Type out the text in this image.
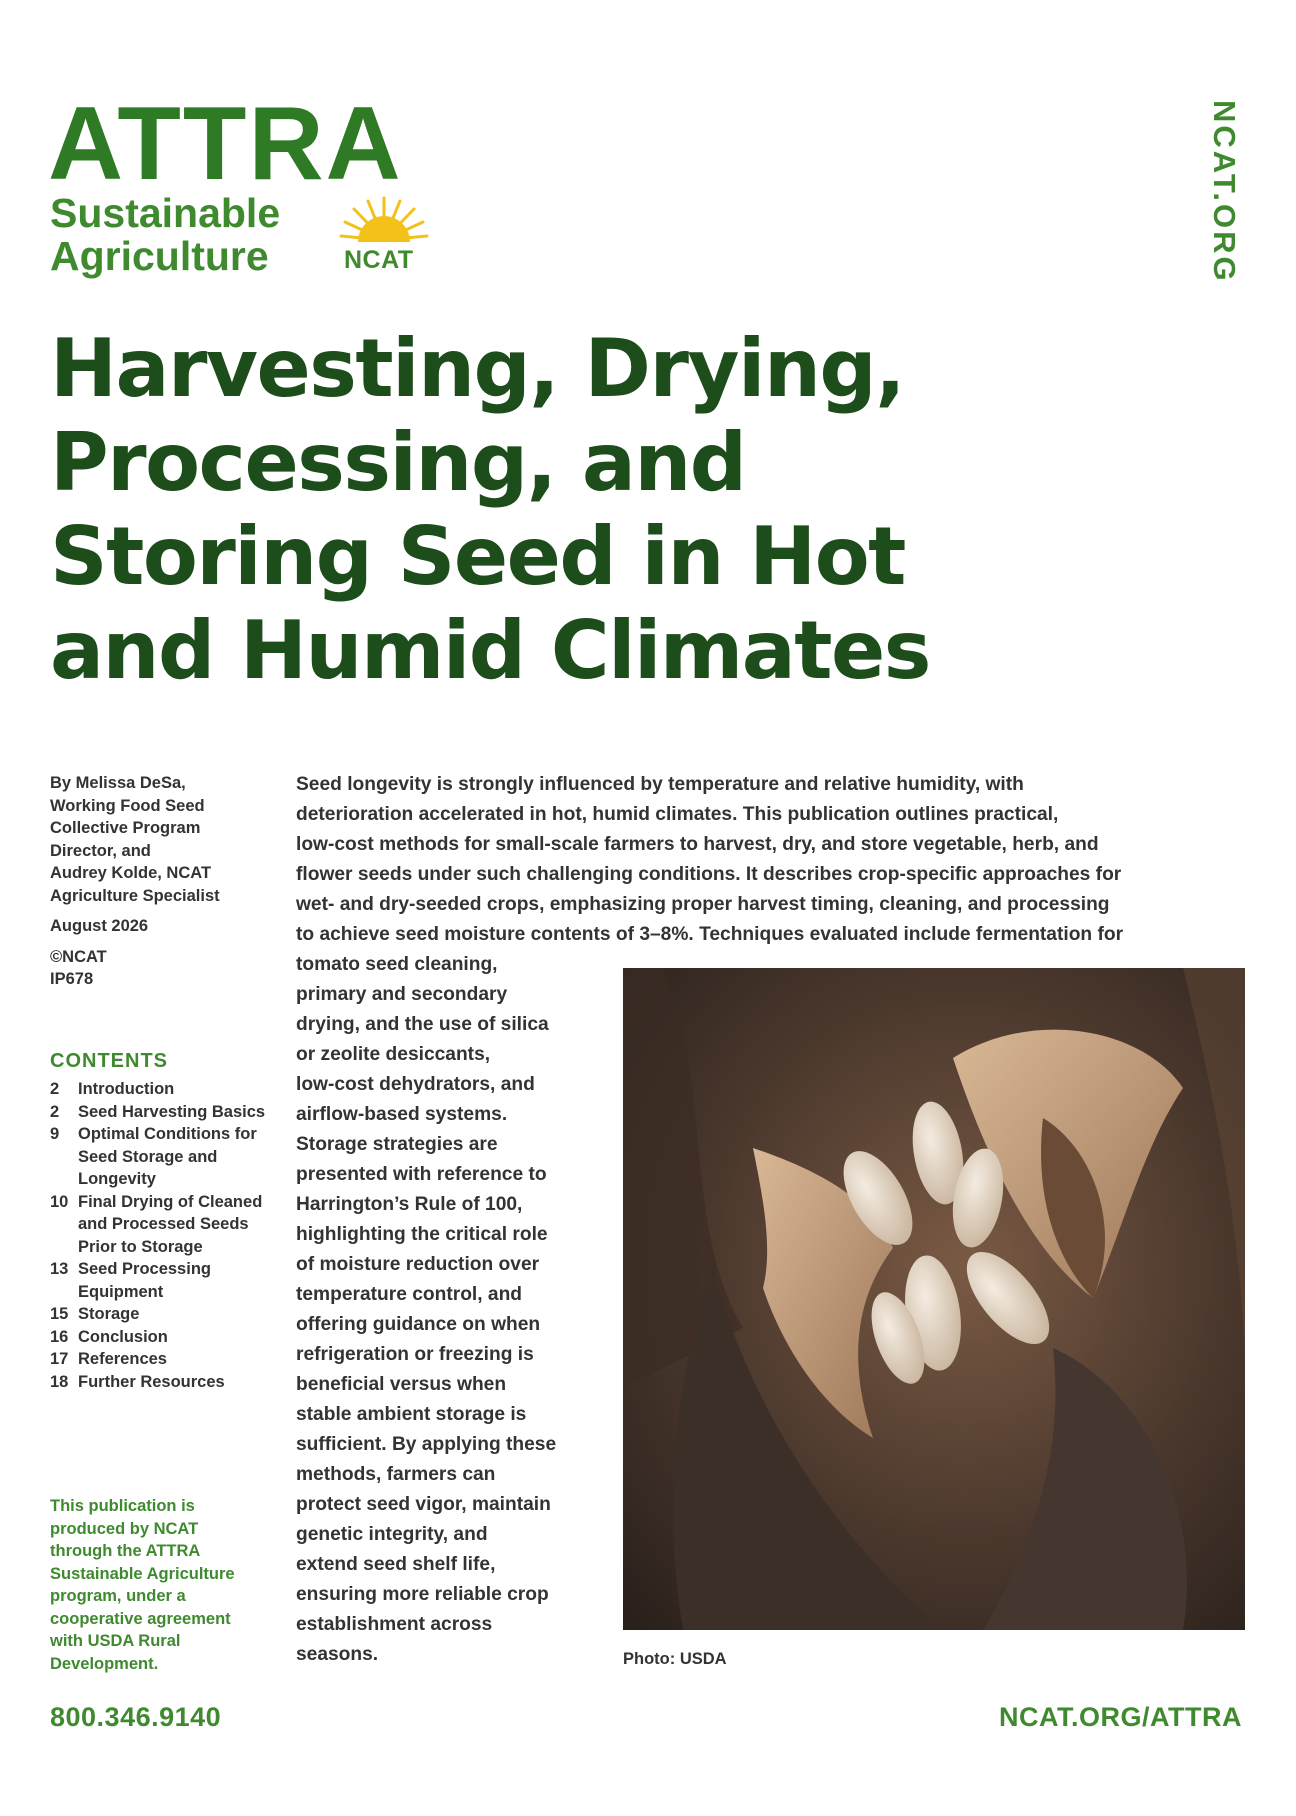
ATTRA
Sustainable
Agriculture	NCAT	NCAT.ORG
Harvesting, Drying,
Processing, and
Storing Seed in Hot
and Humid Climates
By Melissa DeSa,
Working Food Seed
Collective Program
Director, and
Audrey Kolde, NCAT
Agriculture Specialist
August 2026
©NCAT
IP678
CONTENTS
2	Introduction
2	Seed Harvesting Basics
9	Optimal Conditions for Seed Storage and Longevity
10 Final Drying of Cleaned and Processed Seeds Prior to Storage
13 Seed Processing Equipment
15 Storage
16 Conclusion
17 References
18 Further Resources
This publication is
produced by NCAT
through the ATTRA
Sustainable Agriculture
program, under a
cooperative agreement
with USDA Rural
Development.
Seed longevity is strongly influenced by temperature and relative humidity, with
deterioration accelerated in hot, humid climates. This publication outlines practical,
low-cost methods for small-scale farmers to harvest, dry, and store vegetable, herb, and
flower seeds under such challenging conditions. It describes crop-specific approaches for
wet- and dry-seeded crops, emphasizing proper harvest timing, cleaning, and processing
to achieve seed moisture contents of 3–8%. Techniques evaluated include fermentation for
tomato seed cleaning,
primary and secondary
drying, and the use of silica
or zeolite desiccants,
low-cost dehydrators, and
airflow-based systems.
Storage strategies are
presented with reference to
Harrington’s Rule of 100,
highlighting the critical role
of moisture reduction over
temperature control, and
offering guidance on when
refrigeration or freezing is
beneficial versus when
stable ambient storage is
sufficient. By applying these
methods, farmers can
protect seed vigor, maintain
genetic integrity, and
extend seed shelf life,
ensuring more reliable crop
establishment across
seasons.	Photo: USDA
800.346.9140	NCAT.ORG/ATTRA
